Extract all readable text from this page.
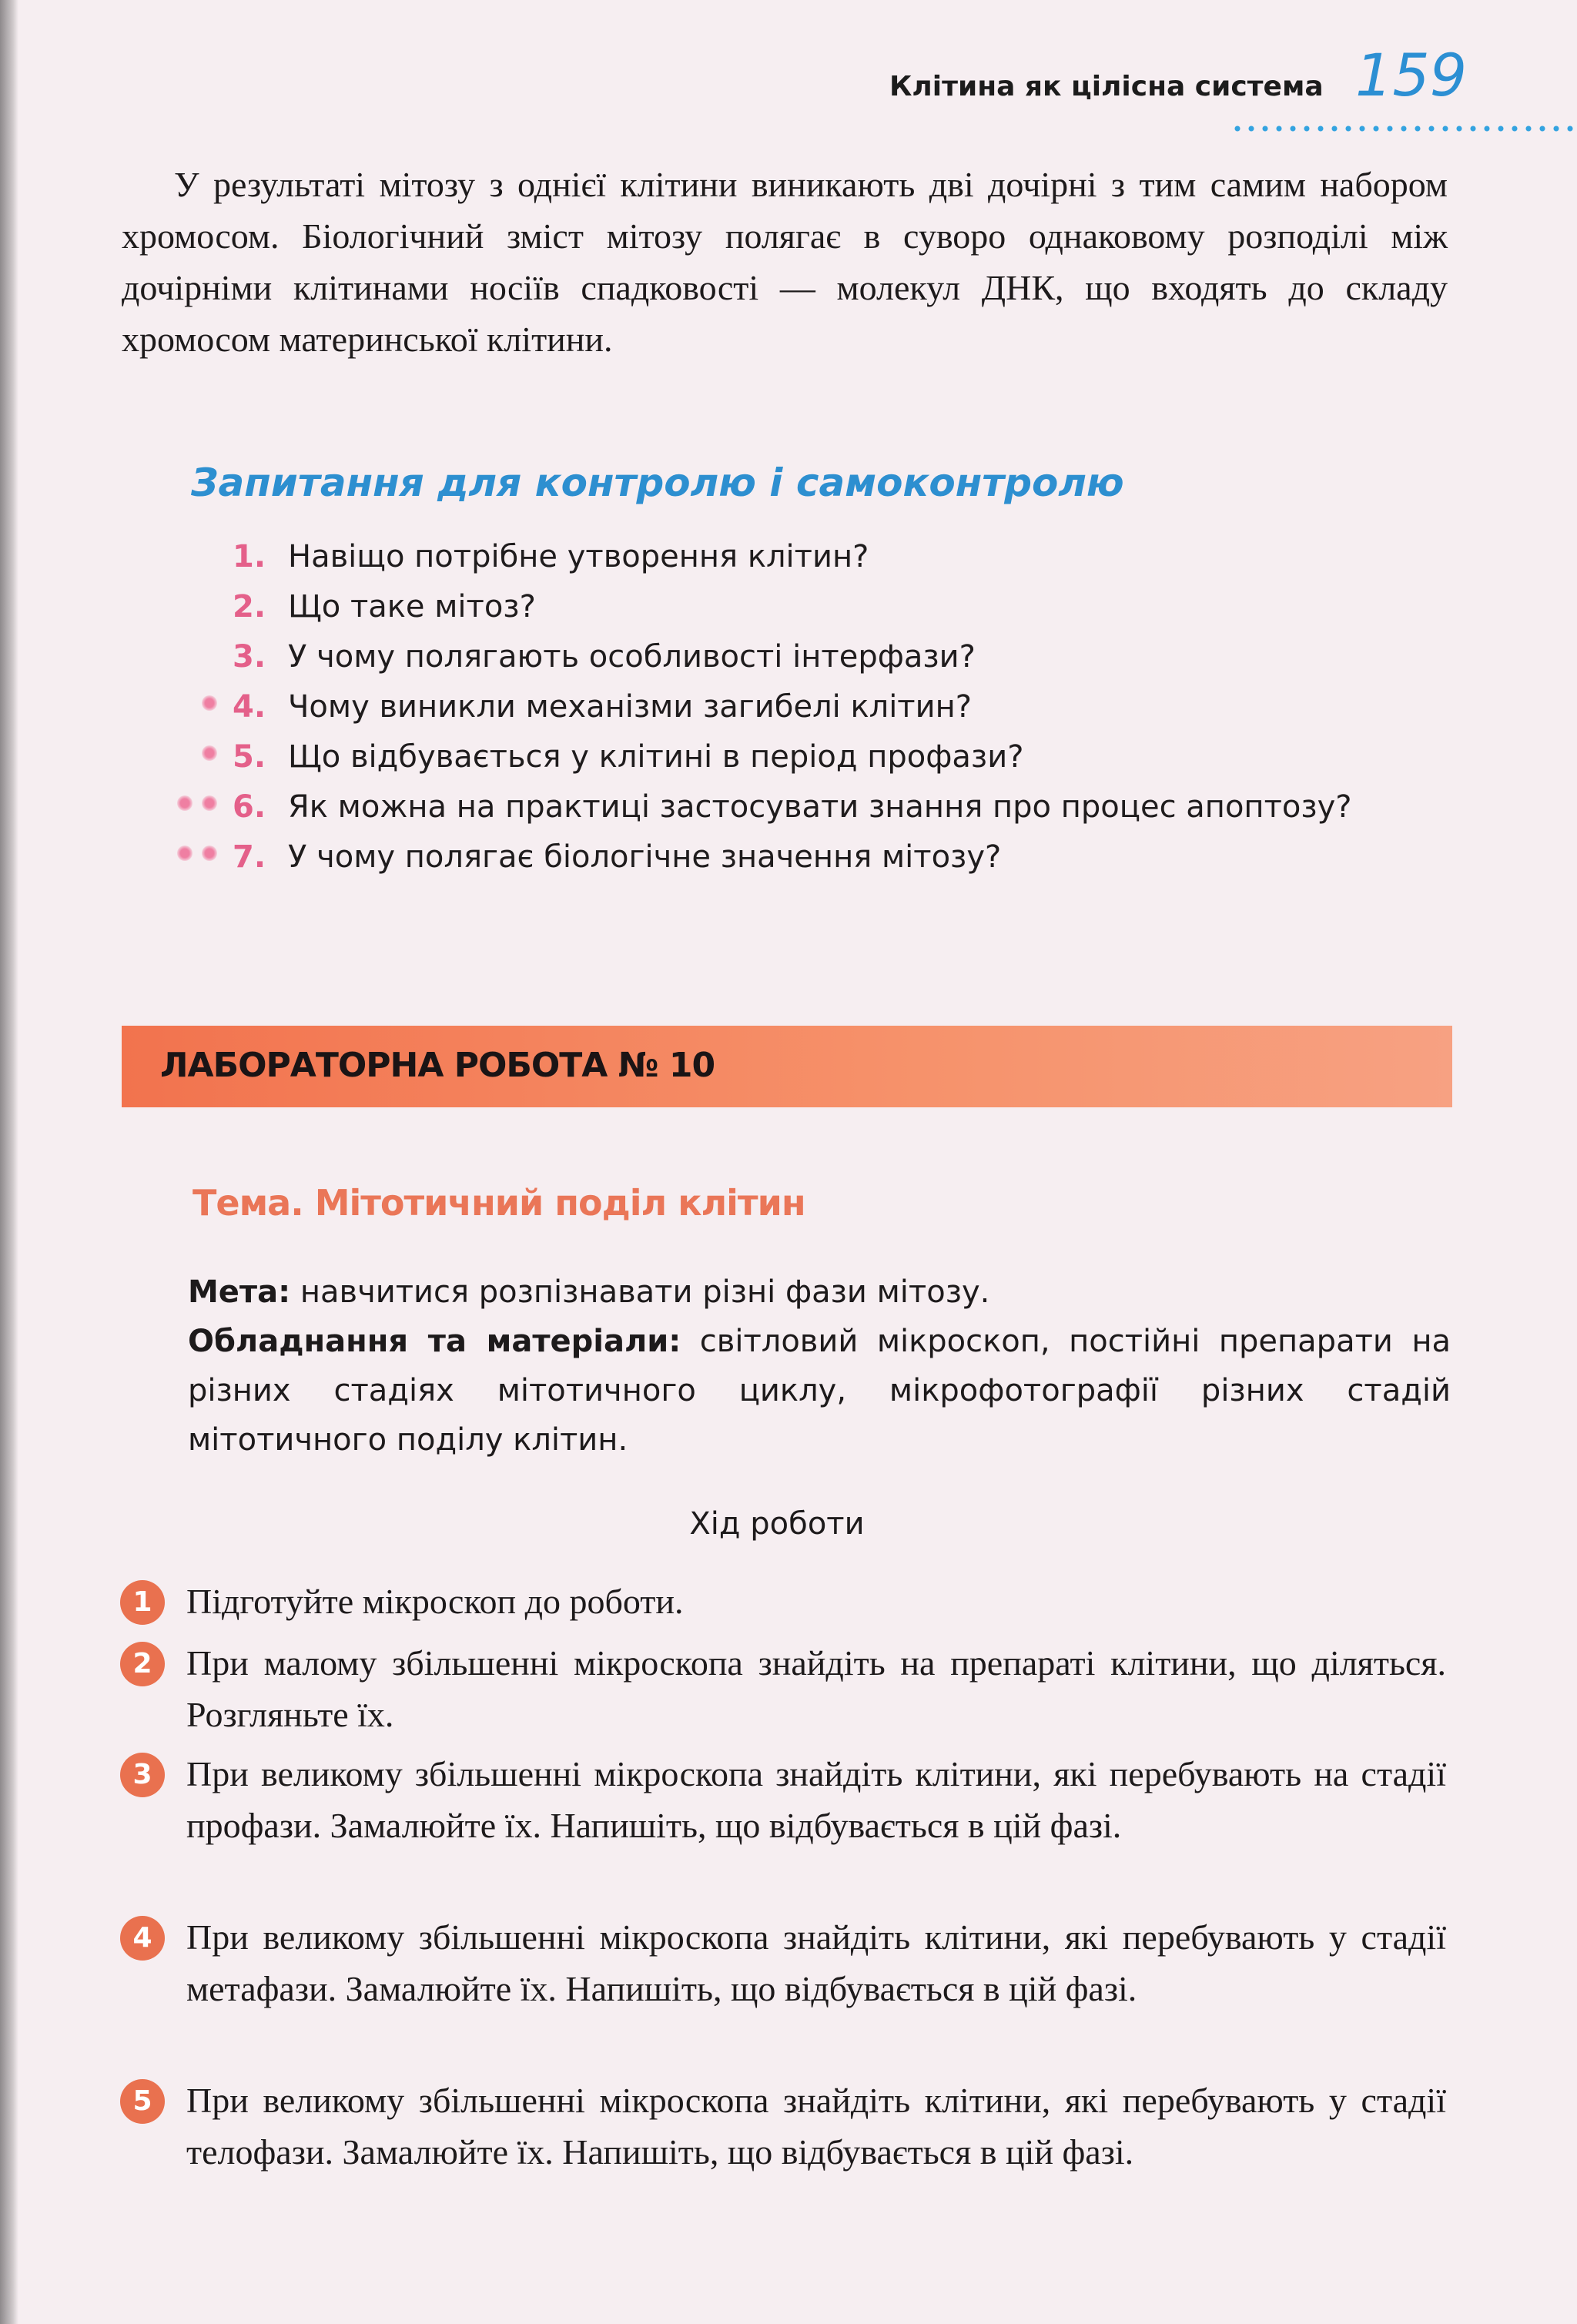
Клітина як цілісна система 159

У результаті мітозу з однієї клітини виникають дві дочірні з тим самим набором хромосом. Біологічний зміст мітозу полягає в суворо однаковому розподілі між дочірніми клітинами носіїв спадковості — молекул ДНК, що входять до складу хромосом материнської клітини.

Запитання для контролю і самоконтролю
1. Навіщо потрібне утворення клітин?
2. Що таке мітоз?
3. У чому полягають особливості інтерфази?
4. Чому виникли механізми загибелі клітин?
5. Що відбувається у клітині в період профази?
6. Як можна на практиці застосувати знання про процес апоптозу?
7. У чому полягає біологічне значення мітозу?
ЛАБОРАТОРНА РОБОТА № 10
Тема. Мітотичний поділ клітин

Мета: навчитися розпізнавати різні фази мітозу.
Обладнання та матеріали: світловий мікроскоп, постійні препарати на різних стадіях мітотичного циклу, мікрофотографії різних стадій мітотичного поділу клітин.

Хід роботи
1 Підготуйте мікроскоп до роботи.

2 При малому збільшенні мікроскопа знайдіть на препараті клітини, що діляться. Розгляньте їх.

3 При великому збільшенні мікроскопа знайдіть клітини, які перебувають на стадії профази. Замалюйте їх. Напишіть, що відбувається в цій фазі.

4 При великому збільшенні мікроскопа знайдіть клітини, які перебувають у стадії метафази. Замалюйте їх. Напишіть, що відбувається в цій фазі.

5 При великому збільшенні мікроскопа знайдіть клітини, які перебувають у стадії телофази. Замалюйте їх. Напишіть, що відбувається в цій фазі.
